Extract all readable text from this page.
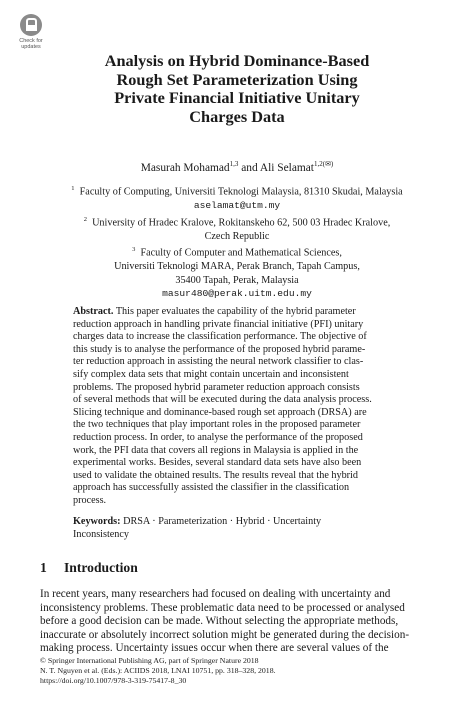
Check for
updates
Analysis on Hybrid Dominance-Based
Rough Set Parameterization Using
Private Financial Initiative Unitary
Charges Data
Masurah Mohamad$^{1,3}$ and Ali Selamat$^{1,2(✉)}$
$^1$ Faculty of Computing, Universiti Teknologi Malaysia, 81310 Skudai, Malaysia
aselamat@utm.my
$^2$ University of Hradec Kralove, Rokitanskeho 62, 500 03 Hradec Kralove,
Czech Republic
$^3$ Faculty of Computer and Mathematical Sciences,
Universiti Teknologi MARA, Perak Branch, Tapah Campus,
35400 Tapah, Perak, Malaysia
masur480@perak.uitm.edu.my
Abstract. This paper evaluates the capability of the hybrid parameter
reduction approach in handling private financial initiative (PFI) unitary
charges data to increase the classification performance. The objective of
this study is to analyse the performance of the proposed hybrid parame-
ter reduction approach in assisting the neural network classifier to clas-
sify complex data sets that might contain uncertain and inconsistent
problems. The proposed hybrid parameter reduction approach consists
of several methods that will be executed during the data analysis process.
Slicing technique and dominance-based rough set approach (DRSA) are
the two techniques that play important roles in the proposed parameter
reduction process. In order, to analyse the performance of the proposed
work, the PFI data that covers all regions in Malaysia is applied in the
experimental works. Besides, several standard data sets have also been
used to validate the obtained results. The results reveal that the hybrid
approach has successfully assisted the classifier in the classification
process.
Keywords: DRSA · Parameterization · Hybrid · Uncertainty
Inconsistency
1 Introduction
In recent years, many researchers had focused on dealing with uncertainty and
inconsistency problems. These problematic data need to be processed or analysed
before a good decision can be made. Without selecting the appropriate methods,
inaccurate or absolutely incorrect solution might be generated during the decision-
making process. Uncertainty issues occur when there are several values of the
© Springer International Publishing AG, part of Springer Nature 2018
N. T. Nguyen et al. (Eds.): ACIIDS 2018, LNAI 10751, pp. 318–328, 2018.
https://doi.org/10.1007/978-3-319-75417-8_30
